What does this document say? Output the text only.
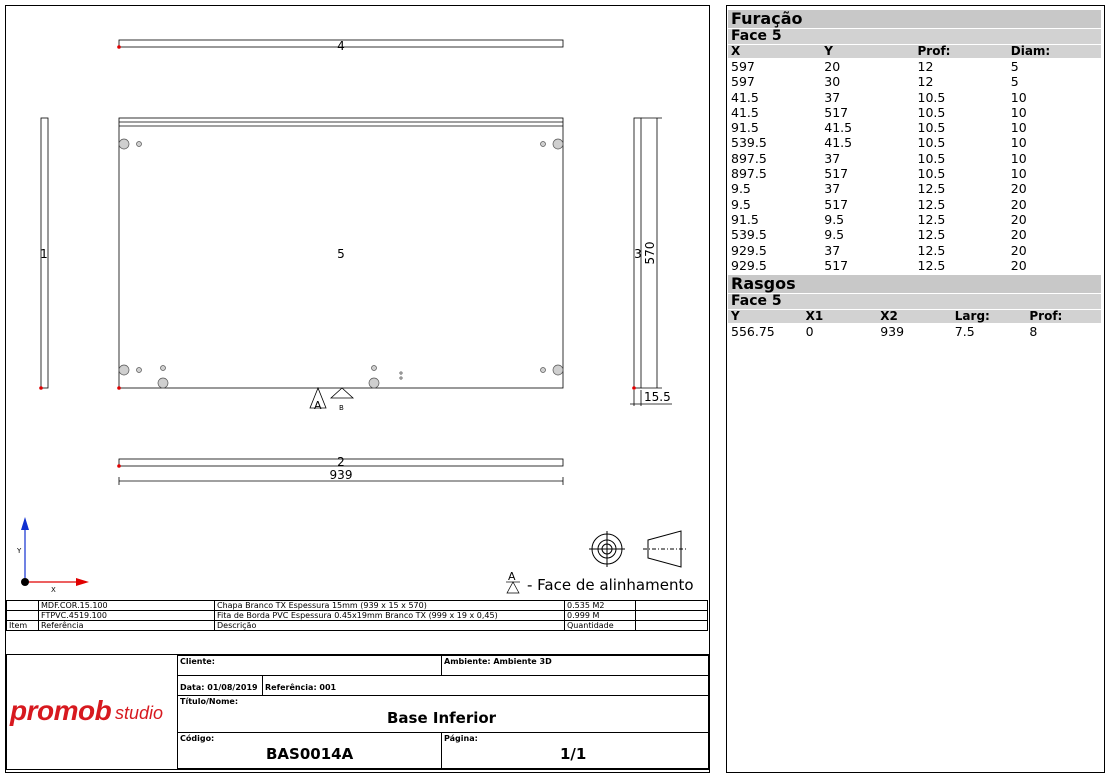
4
5
1	3
2
939
570
15.5
A B
Y
X
A - Face de alinhamento
	MDF.COR.15.100	Chapa Branco TX Espessura 15mm (939 x 15 x 570)	0.535 M2	
	FTPVC.4519.100	Fita de Borda PVC Espessura 0.45x19mm Branco TX (999 x 19 x 0,45)	0.999 M	
Item	Referência	Descrição	Quantidade	
promob studio
Cliente:	Ambiente: Ambiente 3D
Data: 01/08/2019 Referência: 001
Título/Nome:
Base Inferior
Código:
BAS0014A
Página:
1/1
Furação
Face 5
X	Y	Prof:	Diam:
597	20	12	5
597	30	12	5
41.5	37	10.5	10
41.5	517	10.5	10
91.5	41.5	10.5	10
539.5	41.5	10.5	10
897.5	37	10.5	10
897.5	517	10.5	10
9.5	37	12.5	20
9.5	517	12.5	20
91.5	9.5	12.5	20
539.5	9.5	12.5	20
929.5	37	12.5	20
929.5	517	12.5	20
Rasgos
Face 5
Y	X1	X2	Larg:	Prof:
556.75	0	939	7.5	8
